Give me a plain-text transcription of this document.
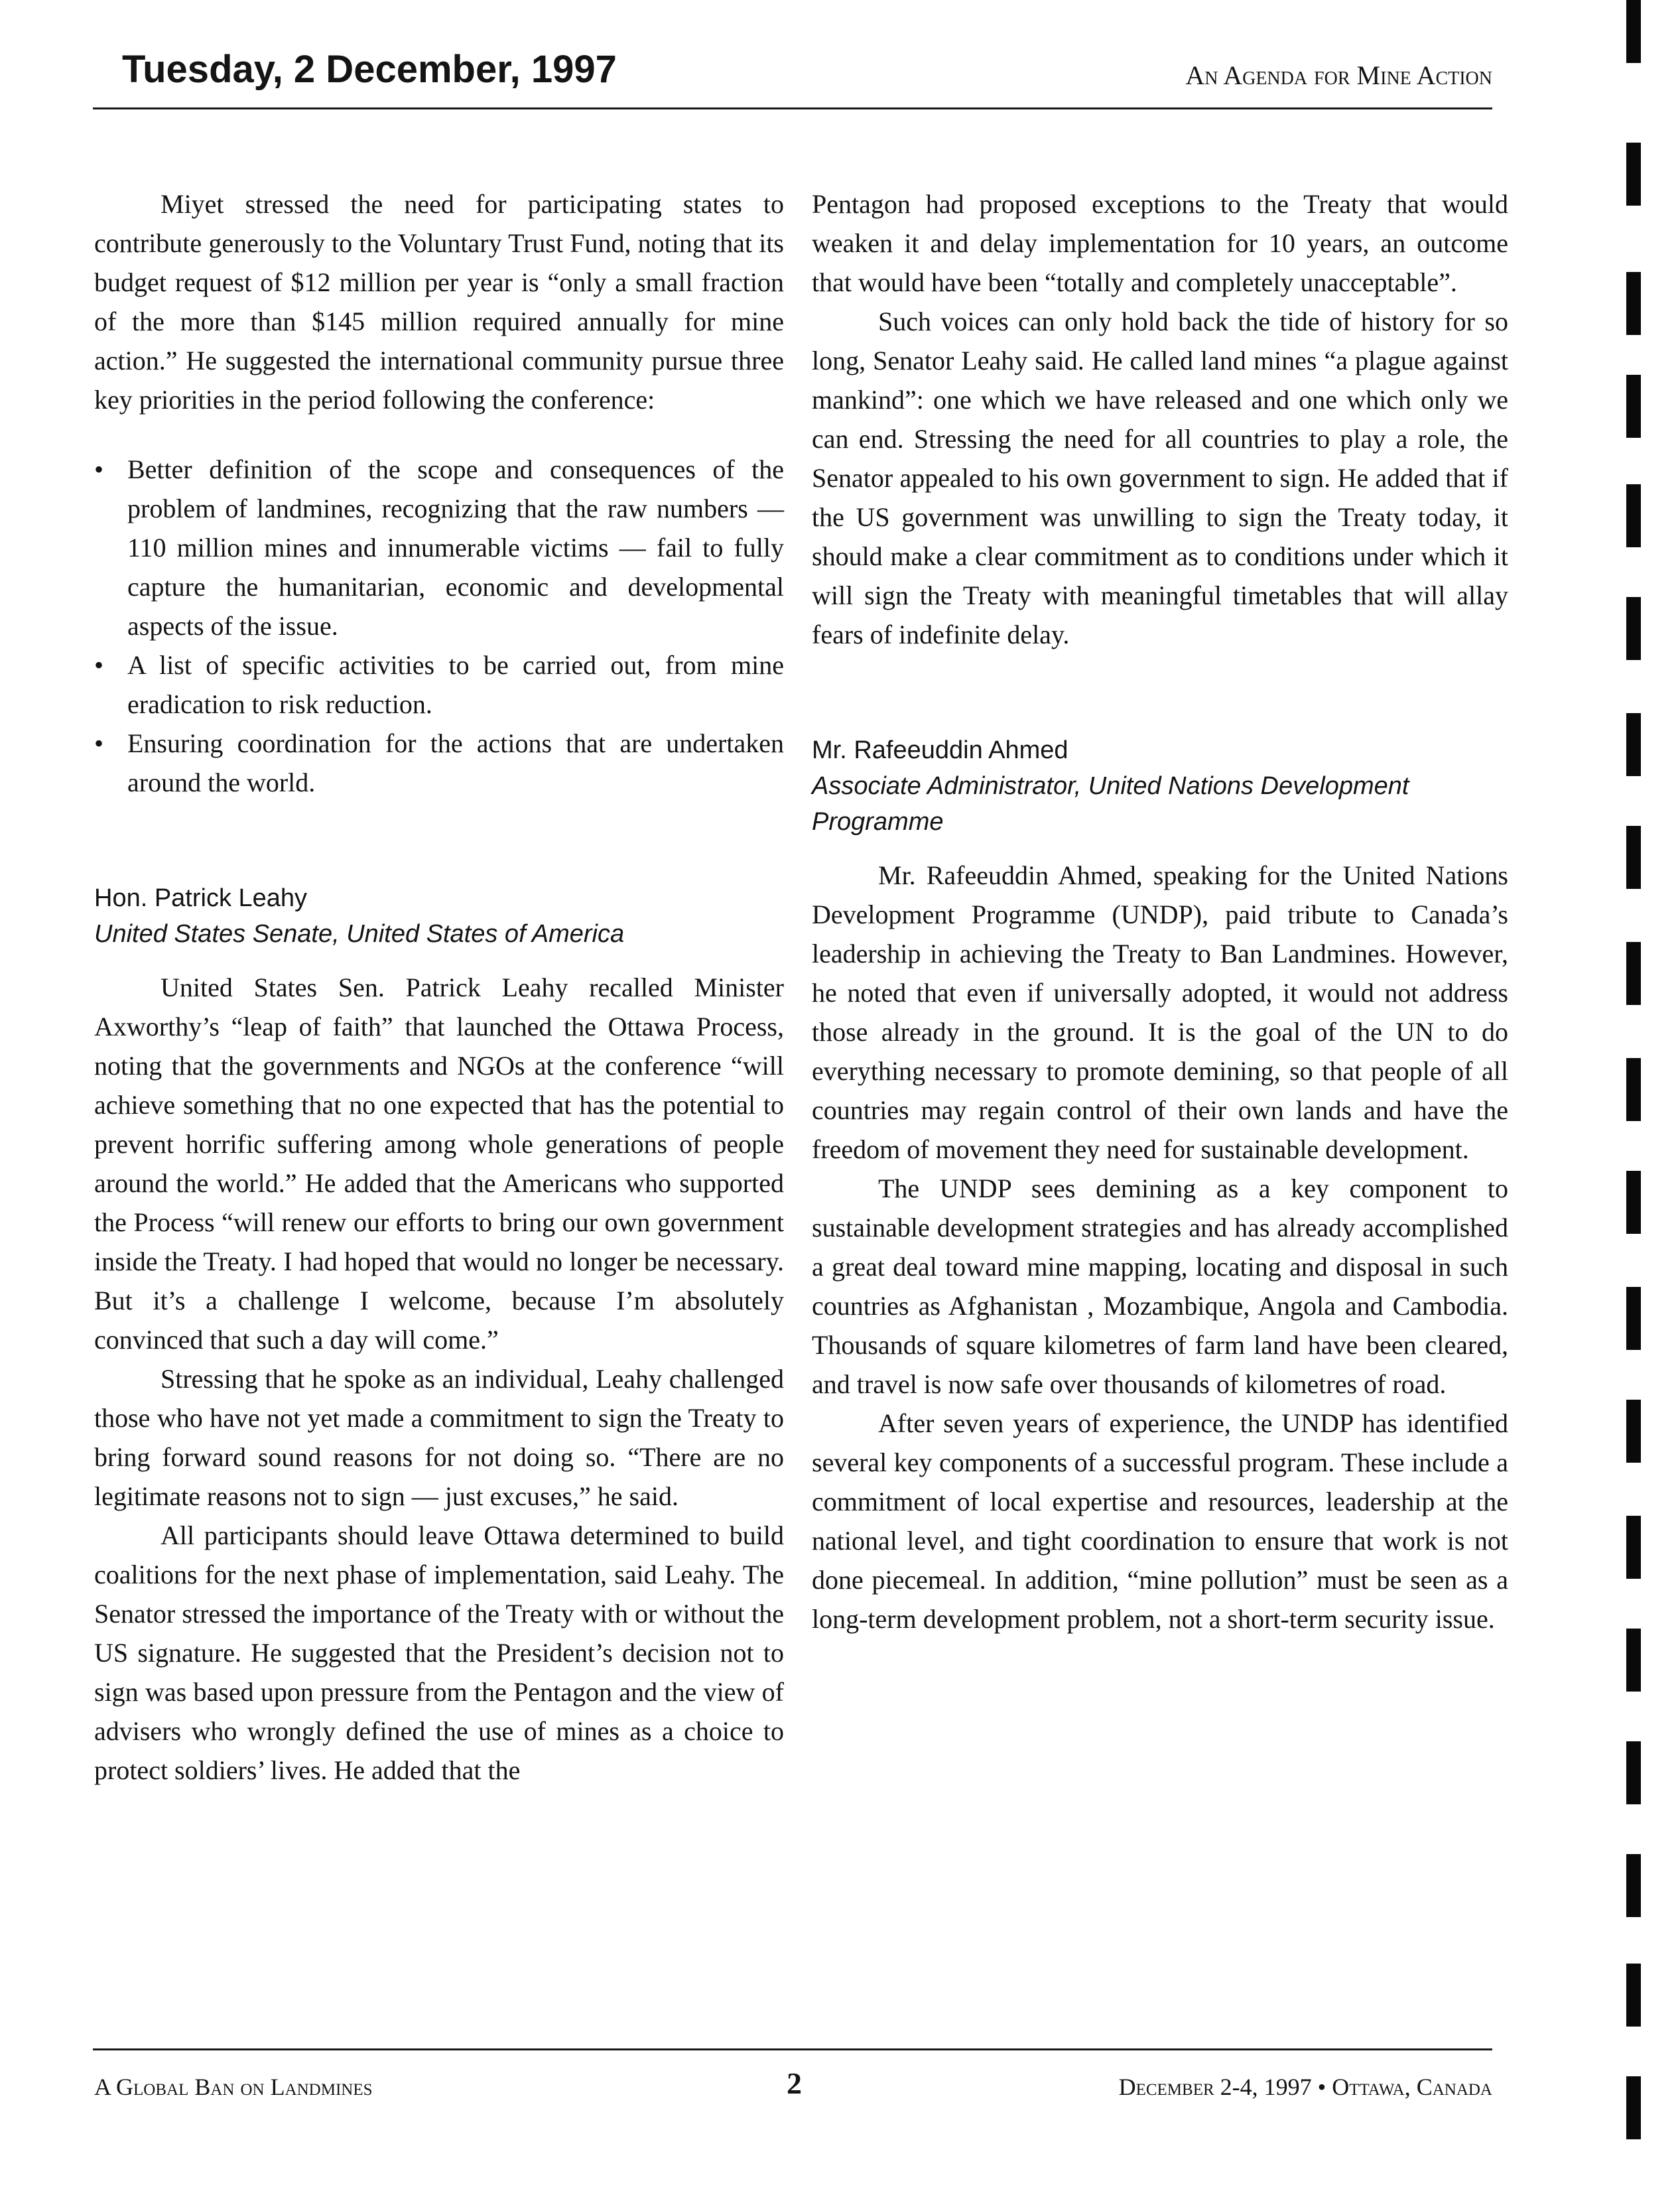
Tuesday, 2 December, 1997	An Agenda for Mine Action

Miyet stressed the need for participating states to contribute generously to the Voluntary Trust Fund, noting that its budget request of $12 million per year is “only a small fraction of the more than $145 million required annually for mine action.” He suggested the international community pursue three key priorities in the period following the conference:

• Better definition of the scope and consequences of the problem of landmines, recognizing that the raw numbers — 110 million mines and innumerable victims — fail to fully capture the humanitarian, economic and developmental aspects of the issue.
• A list of specific activities to be carried out, from mine eradication to risk reduction.
• Ensuring coordination for the actions that are undertaken around the world.
Hon. Patrick Leahy
United States Senate, United States of America

United States Sen. Patrick Leahy recalled Minister Axworthy’s “leap of faith” that launched the Ottawa Process, noting that the governments and NGOs at the conference “will achieve something that no one expected that has the potential to prevent horrific suffering among whole generations of people around the world.” He added that the Americans who supported the Process “will renew our efforts to bring our own government inside the Treaty. I had hoped that would no longer be necessary. But it’s a challenge I welcome, because I’m absolutely convinced that such a day will come.”

Stressing that he spoke as an individual, Leahy challenged those who have not yet made a commitment to sign the Treaty to bring forward sound reasons for not doing so. “There are no legitimate reasons not to sign — just excuses,” he said.

All participants should leave Ottawa determined to build coalitions for the next phase of implementation, said Leahy. The Senator stressed the importance of the Treaty with or without the US signature. He suggested that the President’s decision not to sign was based upon pressure from the Pentagon and the view of advisers who wrongly defined the use of mines as a choice to protect soldiers’ lives. He added that the

Pentagon had proposed exceptions to the Treaty that would weaken it and delay implementation for 10 years, an outcome that would have been “totally and completely unacceptable”.

Such voices can only hold back the tide of history for so long, Senator Leahy said. He called land mines “a plague against mankind”: one which we have released and one which only we can end. Stressing the need for all countries to play a role, the Senator appealed to his own government to sign. He added that if the US government was unwilling to sign the Treaty today, it should make a clear commitment as to conditions under which it will sign the Treaty with meaningful timetables that will allay fears of indefinite delay.

Mr. Rafeeuddin Ahmed
Associate Administrator, United Nations Development Programme

Mr. Rafeeuddin Ahmed, speaking for the United Nations Development Programme (UNDP), paid tribute to Canada’s leadership in achieving the Treaty to Ban Landmines. However, he noted that even if universally adopted, it would not address those already in the ground. It is the goal of the UN to do everything necessary to promote demining, so that people of all countries may regain control of their own lands and have the freedom of movement they need for sustainable development.

The UNDP sees demining as a key component to sustainable development strategies and has already accomplished a great deal toward mine mapping, locating and disposal in such countries as Afghanistan , Mozambique, Angola and Cambodia. Thousands of square kilometres of farm land have been cleared, and travel is now safe over thousands of kilometres of road.

After seven years of experience, the UNDP has identified several key components of a successful program. These include a commitment of local expertise and resources, leadership at the national level, and tight coordination to ensure that work is not done piecemeal. In addition, “mine pollution” must be seen as a long-term development problem, not a short-term security issue.

A Global Ban on Landmines	2	December 2-4, 1997 • Ottawa, Canada
